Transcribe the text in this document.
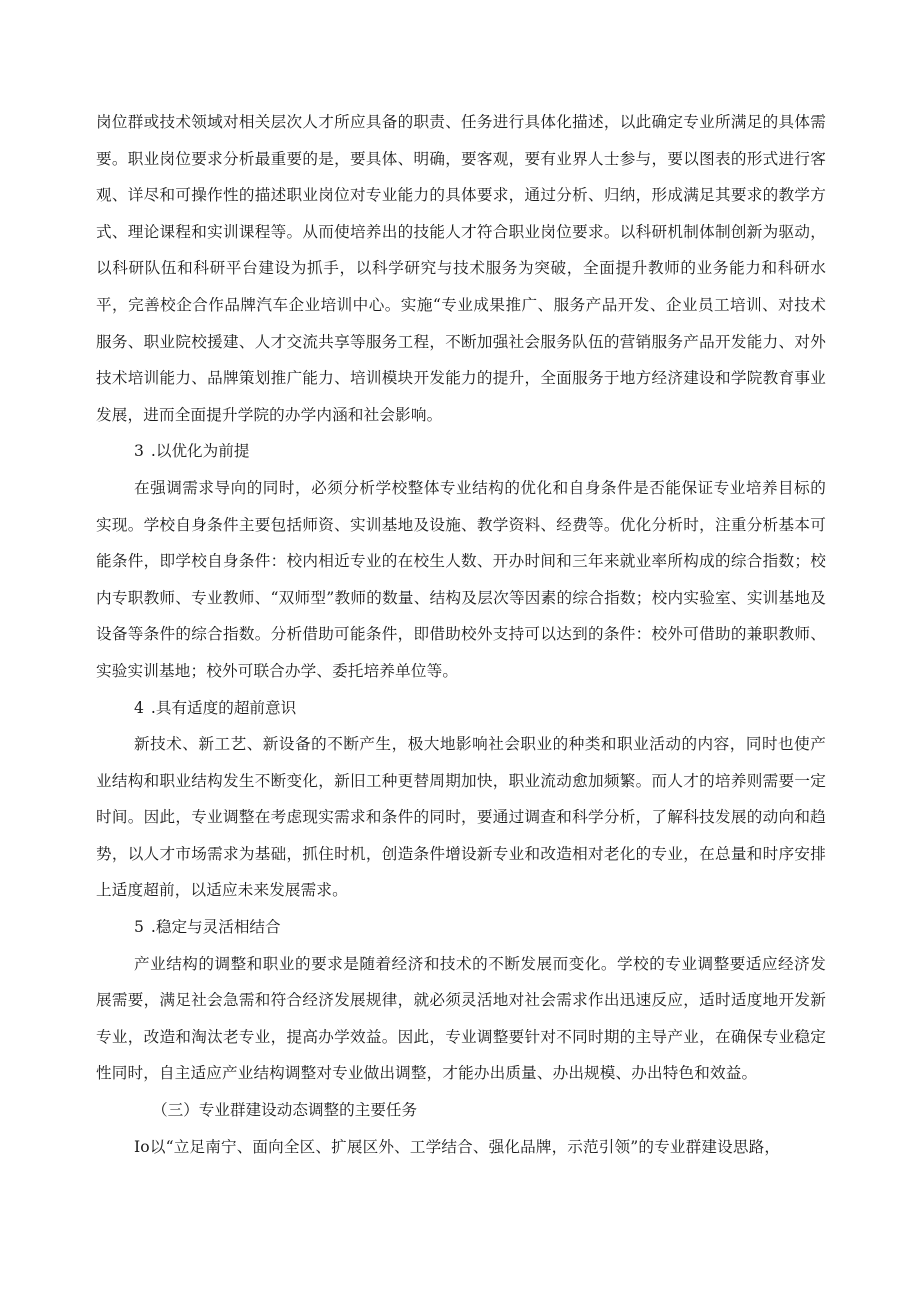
岗位群或技术领域对相关层次人才所应具备的职责、任务进行具体化描述，以此确定专业所满足的具体需要。职业岗位要求分析最重要的是，要具体、明确，要客观，要有业界人士参与，要以图表的形式进行客观、详尽和可操作性的描述职业岗位对专业能力的具体要求，通过分析、归纳，形成满足其要求的教学方式、理论课程和实训课程等。从而使培养出的技能人才符合职业岗位要求。以科研机制体制创新为驱动，以科研队伍和科研平台建设为抓手，以科学研究与技术服务为突破，全面提升教师的业务能力和科研水平，完善校企合作品牌汽车企业培训中心。实施“专业成果推广、服务产品开发、企业员工培训、对技术服务、职业院校援建、人才交流共享等服务工程，不断加强社会服务队伍的营销服务产品开发能力、对外技术培训能力、品牌策划推广能力、培训模块开发能力的提升，全面服务于地方经济建设和学院教育事业发展，进而全面提升学院的办学内涵和社会影响。

3 .以优化为前提

在强调需求导向的同时，必须分析学校整体专业结构的优化和自身条件是否能保证专业培养目标的实现。学校自身条件主要包括师资、实训基地及设施、教学资料、经费等。优化分析时，注重分析基本可能条件，即学校自身条件：校内相近专业的在校生人数、开办时间和三年来就业率所构成的综合指数；校内专职教师、专业教师、“双师型”教师的数量、结构及层次等因素的综合指数；校内实验室、实训基地及设备等条件的综合指数。分析借助可能条件，即借助校外支持可以达到的条件：校外可借助的兼职教师、实验实训基地；校外可联合办学、委托培养单位等。

4 .具有适度的超前意识

新技术、新工艺、新设备的不断产生，极大地影响社会职业的种类和职业活动的内容，同时也使产业结构和职业结构发生不断变化，新旧工种更替周期加快，职业流动愈加频繁。而人才的培养则需要一定时间。因此，专业调整在考虑现实需求和条件的同时，要通过调查和科学分析，了解科技发展的动向和趋势，以人才市场需求为基础，抓住时机，创造条件增设新专业和改造相对老化的专业，在总量和时序安排上适度超前，以适应未来发展需求。

5 .稳定与灵活相结合

产业结构的调整和职业的要求是随着经济和技术的不断发展而变化。学校的专业调整要适应经济发展需要，满足社会急需和符合经济发展规律，就必须灵活地对社会需求作出迅速反应，适时适度地开发新专业，改造和淘汰老专业，提高办学效益。因此，专业调整要针对不同时期的主导产业，在确保专业稳定性同时，自主适应产业结构调整对专业做出调整，才能办出质量、办出规模、办出特色和效益。

（三）专业群建设动态调整的主要任务

Io以“立足南宁、面向全区、扩展区外、工学结合、强化品牌，示范引领”的专业群建设思路，
